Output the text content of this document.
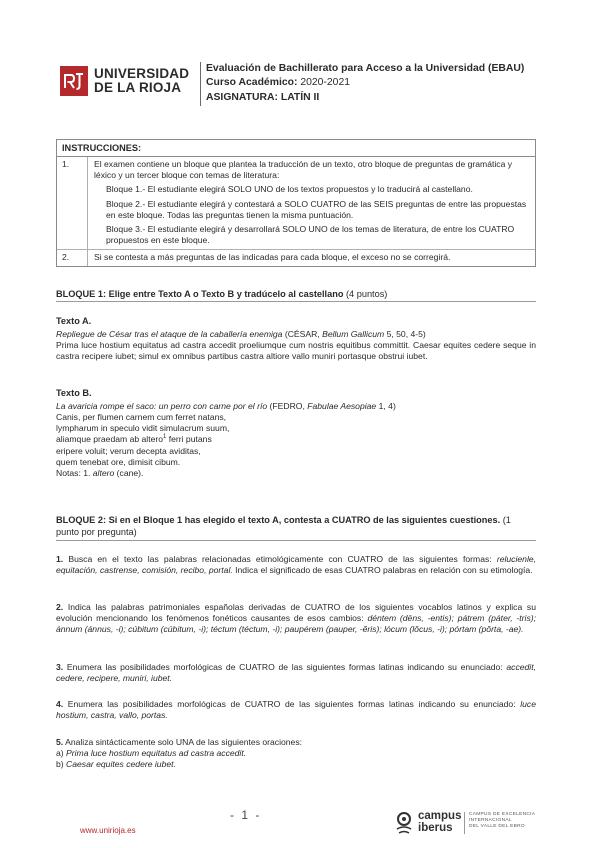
UNIVERSIDAD
DE LA RIOJA
Evaluación de Bachillerato para Acceso a la Universidad (EBAU)
Curso Académico: 2020-2021
ASIGNATURA: LATÍN II
INSTRUCCIONES:
1.	El examen contiene un bloque que plantea la traducción de un texto, otro bloque de preguntas de gramática y léxico y un tercer bloque con temas de literatura:

Bloque 1.- El estudiante elegirá SOLO UNO de los textos propuestos y lo traducirá al castellano.

Bloque 2.- El estudiante elegirá y contestará a SOLO CUATRO de las SEIS preguntas de entre las propuestas en este bloque. Todas las preguntas tienen la misma puntuación.

Bloque 3.- El estudiante elegirá y desarrollará SOLO UNO de los temas de literatura, de entre los CUATRO propuestos en este bloque.

2.	Si se contesta a más preguntas de las indicadas para cada bloque, el exceso no se corregirá.

BLOQUE 1: Elige entre Texto A o Texto B y tradúcelo al castellano (4 puntos)
Texto A.
Repliegue de César tras el ataque de la caballería enemiga (CÉSAR, Bellum Gallicum 5, 50, 4-5)

Prima luce hostium equitatus ad castra accedit proeliumque cum nostris equitibus committit. Caesar equites cedere seque in castra recipere iubet; simul ex omnibus partibus castra altiore vallo muniri portasque obstrui iubet.

Texto B.
La avaricia rompe el saco: un perro con carne por el río (FEDRO, Fabulae Aesopiae 1, 4)
Canis, per flumen carnem cum ferret natans,
lympharum in speculo vidit simulacrum suum,
aliamque praedam ab altero$^1$ ferri putans
eripere voluit; verum decepta aviditas,
quem tenebat ore, dimisit cibum.
Notas: 1. altero (cane).
BLOQUE 2: Si en el Bloque 1 has elegido el texto A, contesta a CUATRO de las siguientes cuestiones. (1 punto por pregunta)

1. Busca en el texto las palabras relacionadas etimológicamente con CUATRO de las siguientes formas: relucienle, equitación, castrense, comisión, recibo, portal. Indica el significado de esas CUATRO palabras en relación con su etimología.

2. Indica las palabras patrimoniales españolas derivadas de CUATRO de los siguientes vocablos latinos y explica su evolución mencionando los fenómenos fonéticos causantes de esos cambios: déntem (dēns, -entis); pátrem (páter, -tris); ánnum (ánnus, -i); cúbitum (cúbitum, -i); téctum (téctum, -i); paupérem (pauper, -ĕris); lócum (lŏcus, -i); pórtam (pŏrta, -ae).

3. Enumera las posibilidades morfológicas de CUATRO de las siguientes formas latinas indicando su enunciado: accedit, cedere, recipere, muniri, iubet.

4. Enumera las posibilidades morfológicas de CUATRO de las siguientes formas latinas indicando su enunciado: luce hostium, castra, vallo, portas.

5. Analiza sintácticamente solo UNA de las siguientes oraciones:
a) Prima luce hostium equitatus ad castra accedit.
b) Caesar equites cedere iubet.

www.unirioja.es
- 1 -	campus
iberus
CAMPUS DE EXCELENCIA
INTERNACIONAL
DEL VALLE DEL EBRO
